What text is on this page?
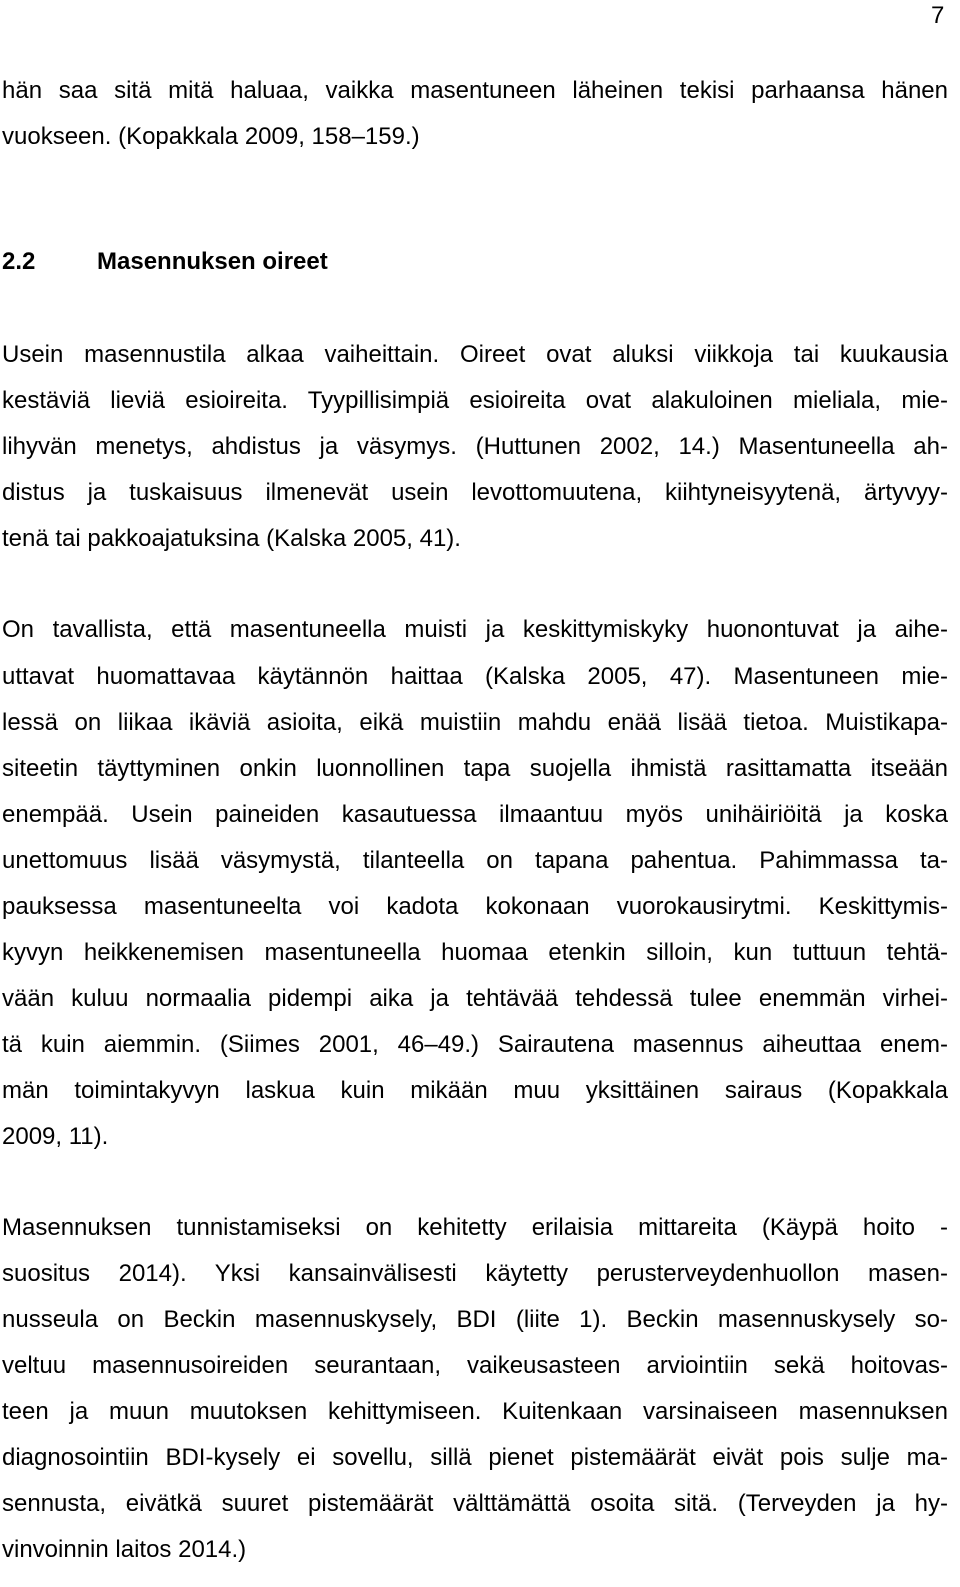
7
hän saa sitä mitä haluaa, vaikka masentuneen läheinen tekisi parhaansa hänen
vuokseen. (Kopakkala 2009, 158–159.)
2.2	Masennuksen oireet
Usein masennustila alkaa vaiheittain. Oireet ovat aluksi viikkoja tai kuukausia
kestäviä lieviä esioireita. Tyypillisimpiä esioireita ovat alakuloinen mieliala, mie-
lihyvän menetys, ahdistus ja väsymys. (Huttunen 2002, 14.) Masentuneella ah-
distus ja tuskaisuus ilmenevät usein levottomuutena, kiihtyneisyytenä, ärtyvyy-
tenä tai pakkoajatuksina (Kalska 2005, 41).
On tavallista, että masentuneella muisti ja keskittymiskyky huonontuvat ja aihe-
uttavat huomattavaa käytännön haittaa (Kalska 2005, 47). Masentuneen mie-
lessä on liikaa ikäviä asioita, eikä muistiin mahdu enää lisää tietoa. Muistikapa-
siteetin täyttyminen onkin luonnollinen tapa suojella ihmistä rasittamatta itseään
enempää. Usein paineiden kasautuessa ilmaantuu myös unihäiriöitä ja koska
unettomuus lisää väsymystä, tilanteella on tapana pahentua. Pahimmassa ta-
pauksessa masentuneelta voi kadota kokonaan vuorokausirytmi. Keskittymis-
kyvyn heikkenemisen masentuneella huomaa etenkin silloin, kun tuttuun tehtä-
vään kuluu normaalia pidempi aika ja tehtävää tehdessä tulee enemmän virhei-
tä kuin aiemmin. (Siimes 2001, 46–49.) Sairautena masennus aiheuttaa enem-
män toimintakyvyn laskua kuin mikään muu yksittäinen sairaus (Kopakkala
2009, 11).
Masennuksen tunnistamiseksi on kehitetty erilaisia mittareita (Käypä hoito -
suositus 2014). Yksi kansainvälisesti käytetty perusterveydenhuollon masen-
nusseula on Beckin masennuskysely, BDI (liite 1). Beckin masennuskysely so-
veltuu masennusoireiden seurantaan, vaikeusasteen arviointiin sekä hoitovas-
teen ja muun muutoksen kehittymiseen. Kuitenkaan varsinaiseen masennuksen
diagnosointiin BDI-kysely ei sovellu, sillä pienet pistemäärät eivät pois sulje ma-
sennusta, eivätkä suuret pistemäärät välttämättä osoita sitä. (Terveyden ja hy-
vinvoinnin laitos 2014.)
